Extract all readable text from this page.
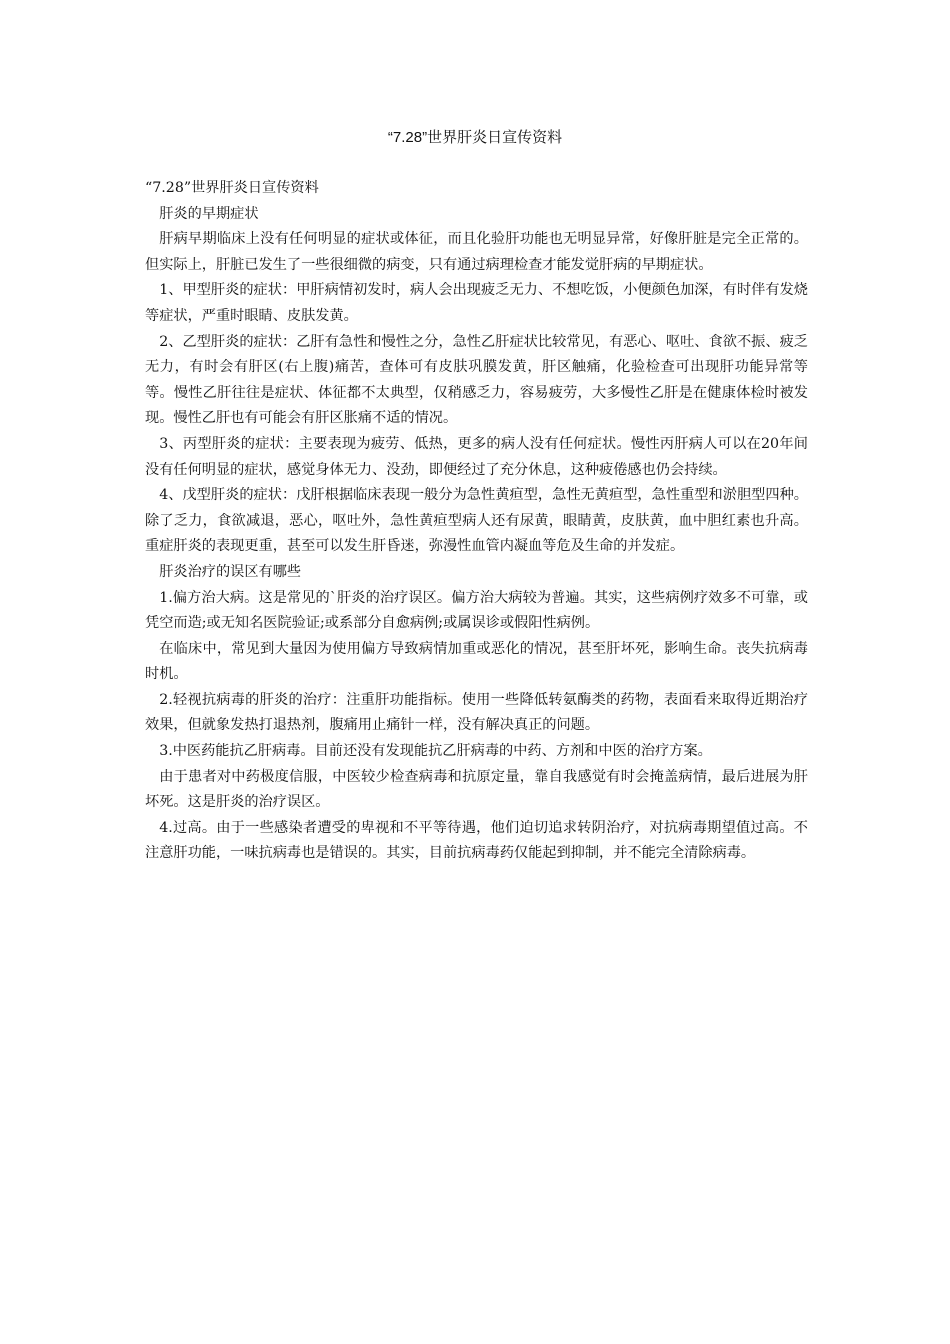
“7.28”世界肝炎日宣传资料

“7.28”世界肝炎日宣传资料

肝炎的早期症状

肝病早期临床上没有任何明显的症状或体征，而且化验肝功能也无明显异常，好像肝脏是完全正常的。但实际上，肝脏已发生了一些很细微的病变，只有通过病理检查才能发觉肝病的早期症状。

1、甲型肝炎的症状：甲肝病情初发时，病人会出现疲乏无力、不想吃饭，小便颜色加深，有时伴有发烧等症状，严重时眼睛、皮肤发黄。

2、乙型肝炎的症状：乙肝有急性和慢性之分，急性乙肝症状比较常见，有恶心、呕吐、食欲不振、疲乏无力，有时会有肝区(右上腹)痛苦，查体可有皮肤巩膜发黄，肝区触痛，化验检查可出现肝功能异常等等。慢性乙肝往往是症状、体征都不太典型，仅稍感乏力，容易疲劳，大多慢性乙肝是在健康体检时被发现。慢性乙肝也有可能会有肝区胀痛不适的情况。

3、丙型肝炎的症状：主要表现为疲劳、低热，更多的病人没有任何症状。慢性丙肝病人可以在20年间没有任何明显的症状，感觉身体无力、没劲，即便经过了充分休息，这种疲倦感也仍会持续。

4、戊型肝炎的症状：戊肝根据临床表现一般分为急性黄疸型，急性无黄疸型，急性重型和淤胆型四种。除了乏力，食欲减退，恶心，呕吐外，急性黄疸型病人还有尿黄，眼睛黄，皮肤黄，血中胆红素也升高。重症肝炎的表现更重，甚至可以发生肝昏迷，弥漫性血管内凝血等危及生命的并发症。

肝炎治疗的误区有哪些

1.偏方治大病。这是常见的`肝炎的治疗误区。偏方治大病较为普遍。其实，这些病例疗效多不可靠，或凭空而造;或无知名医院验证;或系部分自愈病例;或属误诊或假阳性病例。

在临床中，常见到大量因为使用偏方导致病情加重或恶化的情况，甚至肝坏死，影响生命。丧失抗病毒时机。

2.轻视抗病毒的肝炎的治疗：注重肝功能指标。使用一些降低转氨酶类的药物，表面看来取得近期治疗效果，但就象发热打退热剂，腹痛用止痛针一样，没有解决真正的问题。

3.中医药能抗乙肝病毒。目前还没有发现能抗乙肝病毒的中药、方剂和中医的治疗方案。

由于患者对中药极度信服，中医较少检查病毒和抗原定量，靠自我感觉有时会掩盖病情，最后进展为肝坏死。这是肝炎的治疗误区。

4.过高。由于一些感染者遭受的卑视和不平等待遇，他们迫切追求转阴治疗，对抗病毒期望值过高。不注意肝功能，一味抗病毒也是错误的。其实，目前抗病毒药仅能起到抑制，并不能完全清除病毒。
